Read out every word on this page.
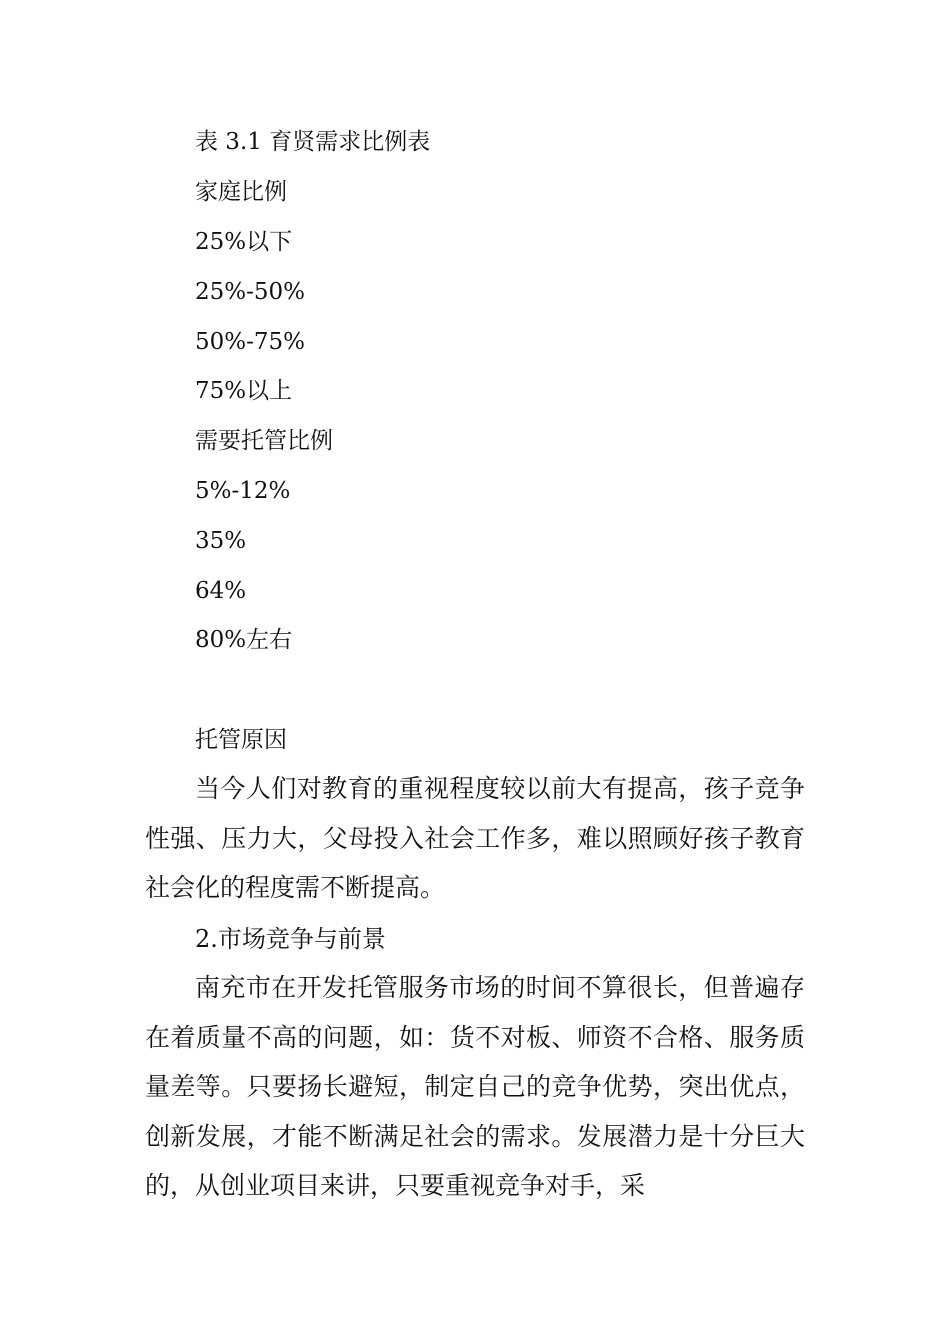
表 3.1 育贤需求比例表
家庭比例
25%以下
25%-50%
50%-75%
75%以上
需要托管比例
5%-12%
35%
64%
80%左右
托管原因

当今人们对教育的重视程度较以前大有提高，孩子竞争性强、压力大，父母投入社会工作多，难以照顾好孩子教育社会化的程度需不断提高。

2.市场竞争与前景

南充市在开发托管服务市场的时间不算很长，但普遍存在着质量不高的问题，如：货不对板、师资不合格、服务质量差等。只要扬长避短，制定自己的竞争优势，突出优点，创新发展，才能不断满足社会的需求。发展潜力是十分巨大的，从创业项目来讲，只要重视竞争对手，采
